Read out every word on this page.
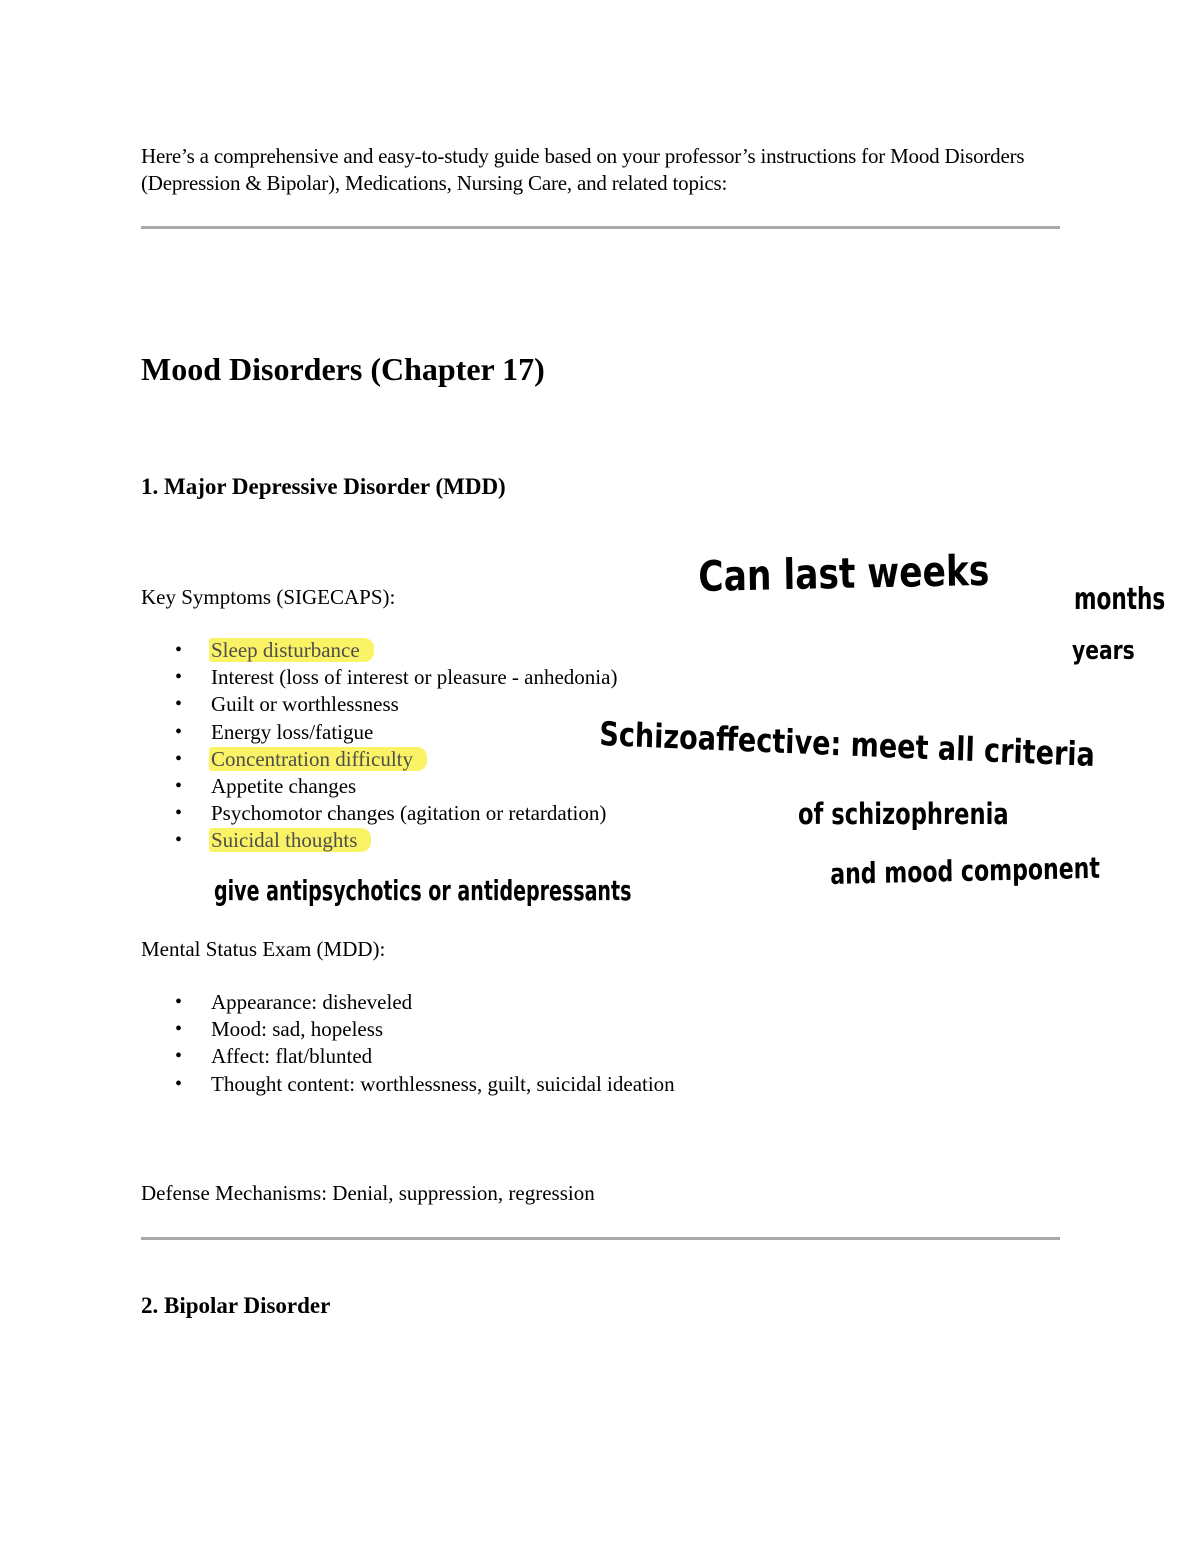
Here’s a comprehensive and easy-to-study guide based on your professor’s instructions for Mood Disorders (Depression & Bipolar), Medications, Nursing Care, and related topics:
Mood Disorders (Chapter 17)
1. Major Depressive Disorder (MDD)
Key Symptoms (SIGECAPS):
• Sleep disturbance
• Interest (loss of interest or pleasure - anhedonia)
• Guilt or worthlessness
• Energy loss/fatigue
• Concentration difficulty
• Appetite changes
• Psychomotor changes (agitation or retardation)
• Suicidal thoughts
Mental Status Exam (MDD):
• Appearance: disheveled
• Mood: sad, hopeless
• Affect: flat/blunted
• Thought content: worthlessness, guilt, suicidal ideation
Defense Mechanisms: Denial, suppression, regression
2. Bipolar Disorder
Can last weeks	months
years
Schizoaffective: meet all criteria
of schizophrenia
and mood component
give antipsychotics or antidepressants
